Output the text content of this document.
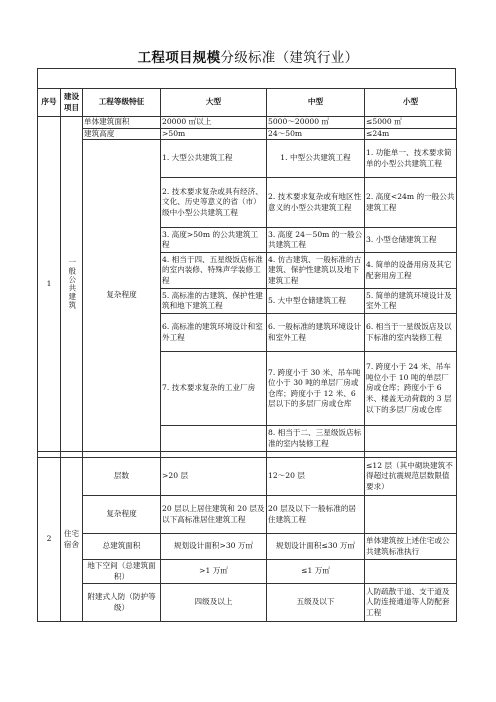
工程项目规模分级标准（建筑行业）
序号	建设项目	工程等级特征	大型	中型	小型
1	一般公共建筑	单体建筑面积	20000 ㎡以上	5000～20000 ㎡	≤5000 ㎡
		建筑高度	>50m	24～50m	≤24m
		复杂程度	1. 大型公共建筑工程	1. 中型公共建筑工程	1. 功能单一、技术要求简单的小型公共建筑工程
			2. 技术要求复杂或具有经济、文化、历史等意义的省（市）级中小型公共建筑工程	2. 技术要求复杂或有地区性意义的小型公共建筑工程	2. 高度<24m 的一般公共建筑工程
			3. 高度>50m 的公共建筑工程	3. 高度 24－50m 的一般公共建筑工程	3. 小型仓储建筑工程
			4. 相当于四、五星级饭店标准的室内装修、特殊声学装修工程	4. 仿古建筑、一般标准的古建筑、保护性建筑以及地下建筑工程	4. 简单的设备用房及其它配套用房工程
			5. 高标准的古建筑、保护性建筑和地下建筑工程	5. 大中型仓储建筑工程	5. 简单的建筑环境设计及室外工程
			6. 高标准的建筑环境设计和室外工程	6. 一般标准的建筑环境设计和室外工程	6. 相当于一星级饭店及以下标准的室内装修工程
			7. 技术要求复杂的工业厂房	7. 跨度小于 30 米、吊车吨位小于 30 吨的单层厂房或仓库；跨度小于 12 米、6 层以下的多层厂房或仓库	7. 跨度小于 24 米、吊车吨位小于 10 吨的单层厂房或仓库；跨度小于 6 米、楼盖无动荷载的 3 层以下的多层厂房或仓库
				8. 相当于二、三星级饭店标准的室内装修工程	

2	住宅宿舍	层数	>20 层	12～20 层	≤12 层（其中砌块建筑不得超过抗震规范层数限值要求）
		复杂程度	20 层以上居住建筑和 20 层及以下高标准居住建筑工程	20 层及以下一般标准的居住建筑工程	
		总建筑面积	规划设计面积>30 万㎡	规划设计面积≤30 万㎡	单体建筑按上述住宅或公共建筑标准执行
		地下空间（总建筑面积）	>1 万㎡	≤1 万㎡	
		附建式人防（防护等级）	四级及以上	五级及以下	人防疏散干道、支干道及人防连接通道等人防配套工程
